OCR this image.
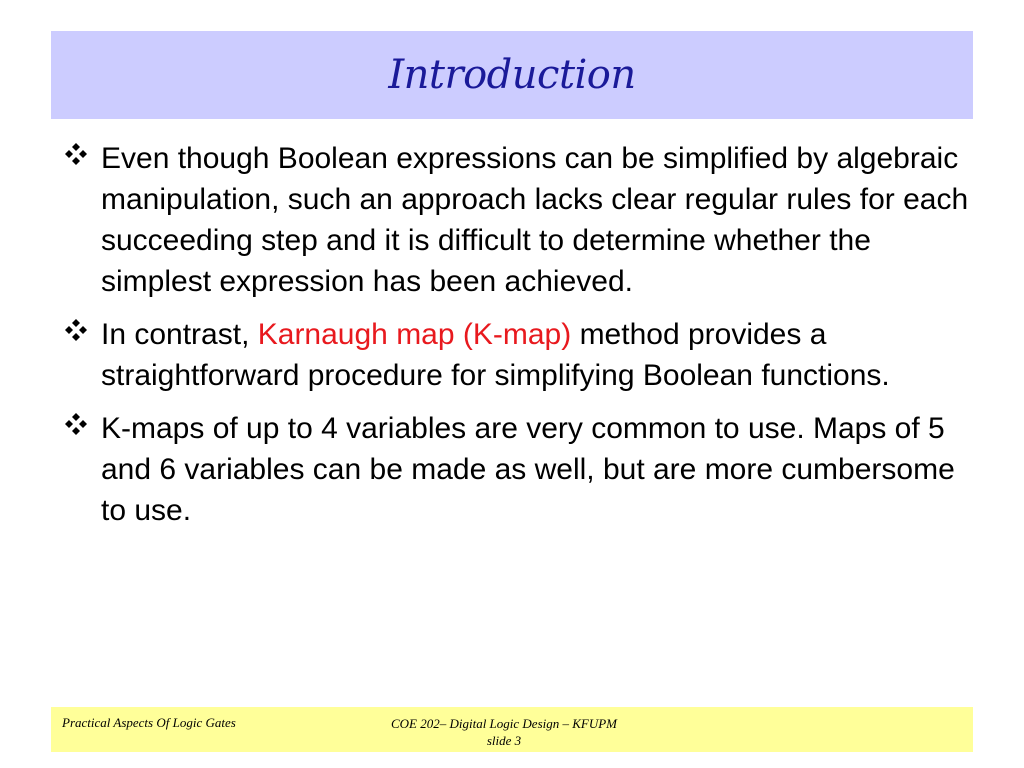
Introduction
Even though Boolean expressions can be simplified by algebraic manipulation, such an approach lacks clear regular rules for each succeeding step and it is difficult to determine whether the simplest expression has been achieved.
In contrast, Karnaugh map (K-map) method provides a straightforward procedure for simplifying Boolean functions.
K-maps of up to 4 variables are very common to use. Maps of 5 and 6 variables can be made as well, but are more cumbersome to use.
Practical Aspects Of Logic Gates	COE 202– Digital Logic Design – KFUPM
slide 3
